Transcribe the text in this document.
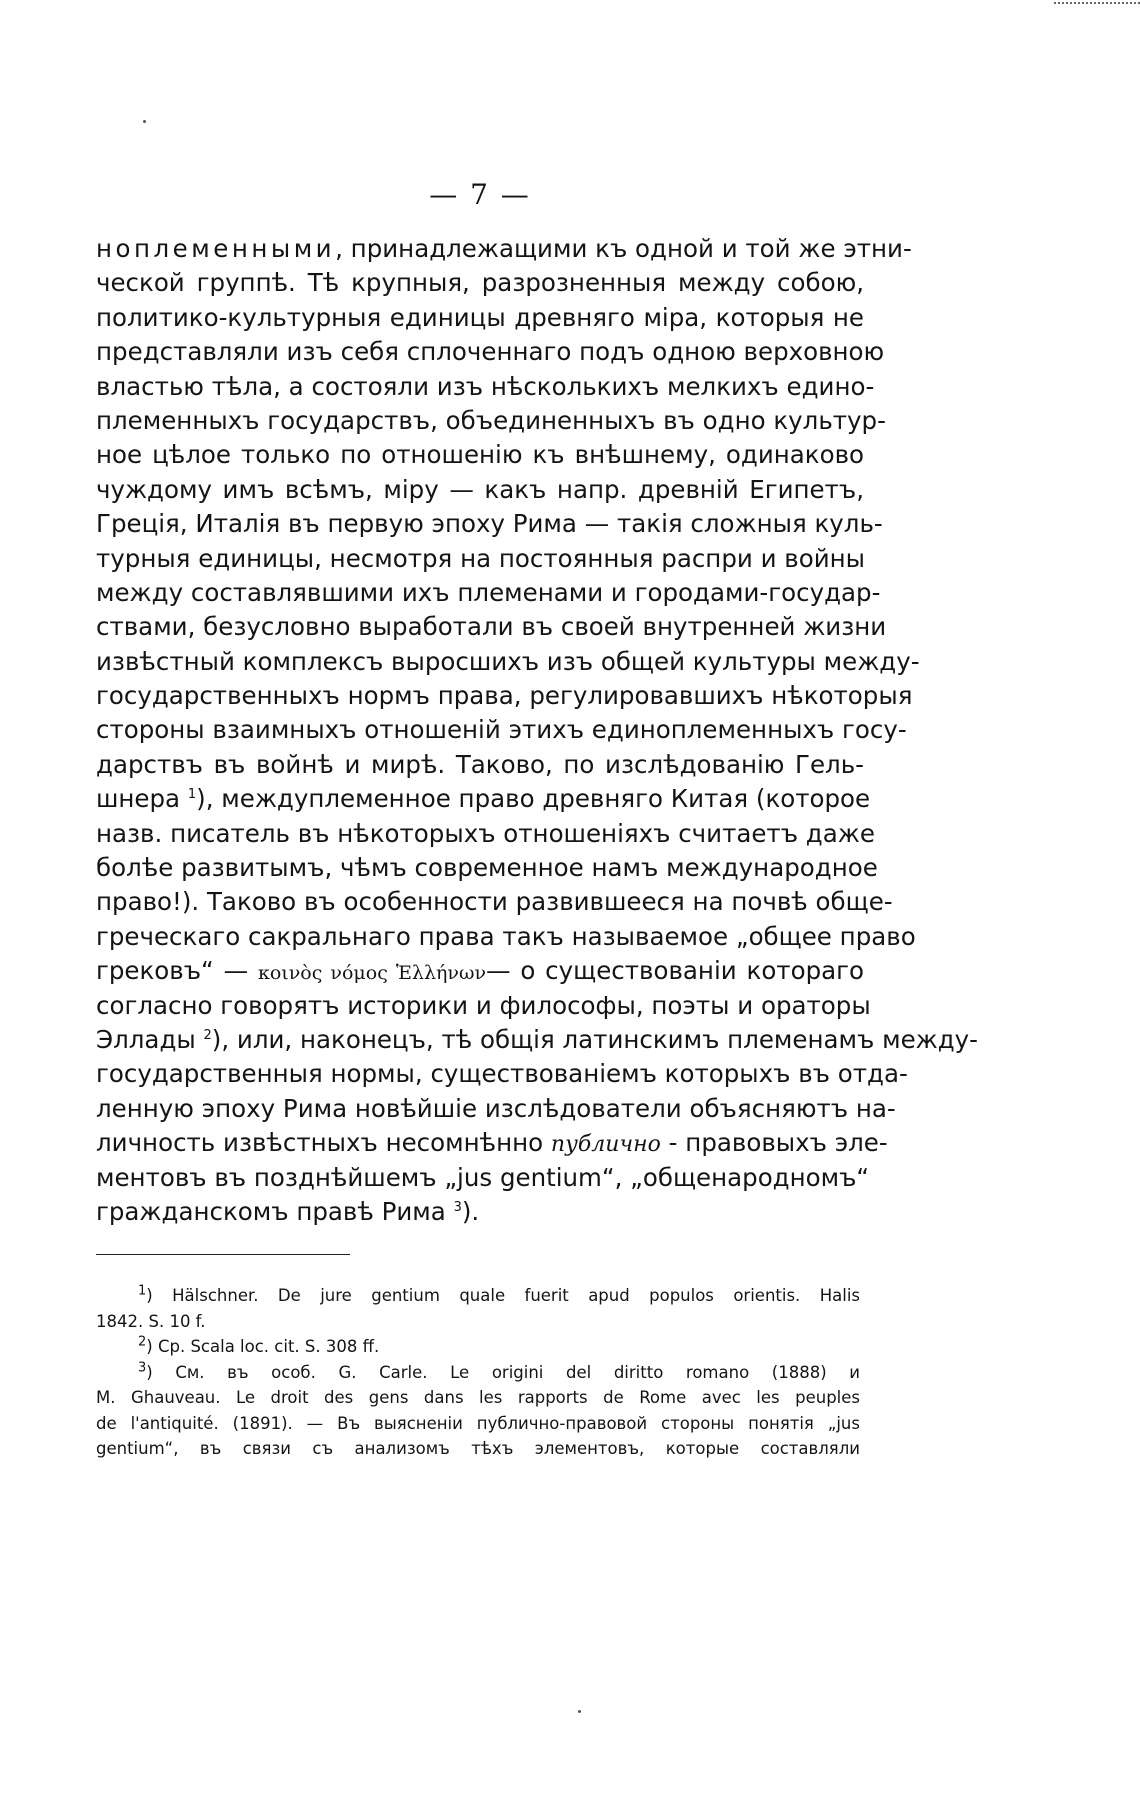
— 7 —
ноплеменными, принадлежащими къ одной и той же этни-
ческой группѣ. Тѣ крупныя, разрозненныя между собою,
политико-культурныя единицы древняго міра, которыя не
представляли изъ себя сплоченнаго подъ одною верховною
властью тѣла, а состояли изъ нѣсколькихъ мелкихъ едино-
племенныхъ государствъ, объединенныхъ въ одно культур-
ное цѣлое только по отношенію къ внѣшнему, одинаково
чуждому имъ всѣмъ, міру — какъ напр. древній Египетъ,
Греція, Италія въ первую эпоху Рима — такія сложныя куль-
турныя единицы, несмотря на постоянныя распри и войны
между составлявшими ихъ племенами и городами-государ-
ствами, безусловно выработали въ своей внутренней жизни
извѣстный комплексъ выросшихъ изъ общей культуры между-
государственныхъ нормъ права, регулировавшихъ нѣкоторыя
стороны взаимныхъ отношеній этихъ единоплеменныхъ госу-
дарствъ въ войнѣ и мирѣ. Таково, по изслѣдованію Гель-
шнера $^1$), междуплеменное право древняго Китая (которое
назв. писатель въ нѣкоторыхъ отношеніяхъ считаетъ даже
болѣе развитымъ, чѣмъ современное намъ международное
право!). Таково въ особенности развившееся на почвѣ обще-
греческаго сакральнаго права такъ называемое „общее право
грековъ“ — κοινὸς νόμος Ἑλλήνων— о существованіи котораго
согласно говорятъ историки и философы, поэты и ораторы
Эллады $^2$), или, наконецъ, тѣ общія латинскимъ племенамъ между-
государственныя нормы, существованіемъ которыхъ въ отда-
ленную эпоху Рима новѣйшіе изслѣдователи объясняютъ на-
личность извѣстныхъ несомнѣнно публично - правовыхъ эле-
ментовъ въ позднѣйшемъ „jus gentium“, „общенародномъ“
гражданскомъ правѣ Рима $^3$).
$^1$) Hälschner. De jure gentium quale fuerit apud populos orientis. Halis
1842. S. 10 f.
$^2$) Cp. Scala loc. cit. S. 308 ff.
$^3$) См. въ особ. G. Carle. Le origini del diritto romano (1888) и
M. Ghauveau. Le droit des gens dans les rapports de Rome avec les peuples
de l'antiquité. (1891). — Въ выясненіи публично-правовой стороны понятія „jus
gentium“, въ связи съ анализомъ тѣхъ элементовъ, которые составляли
